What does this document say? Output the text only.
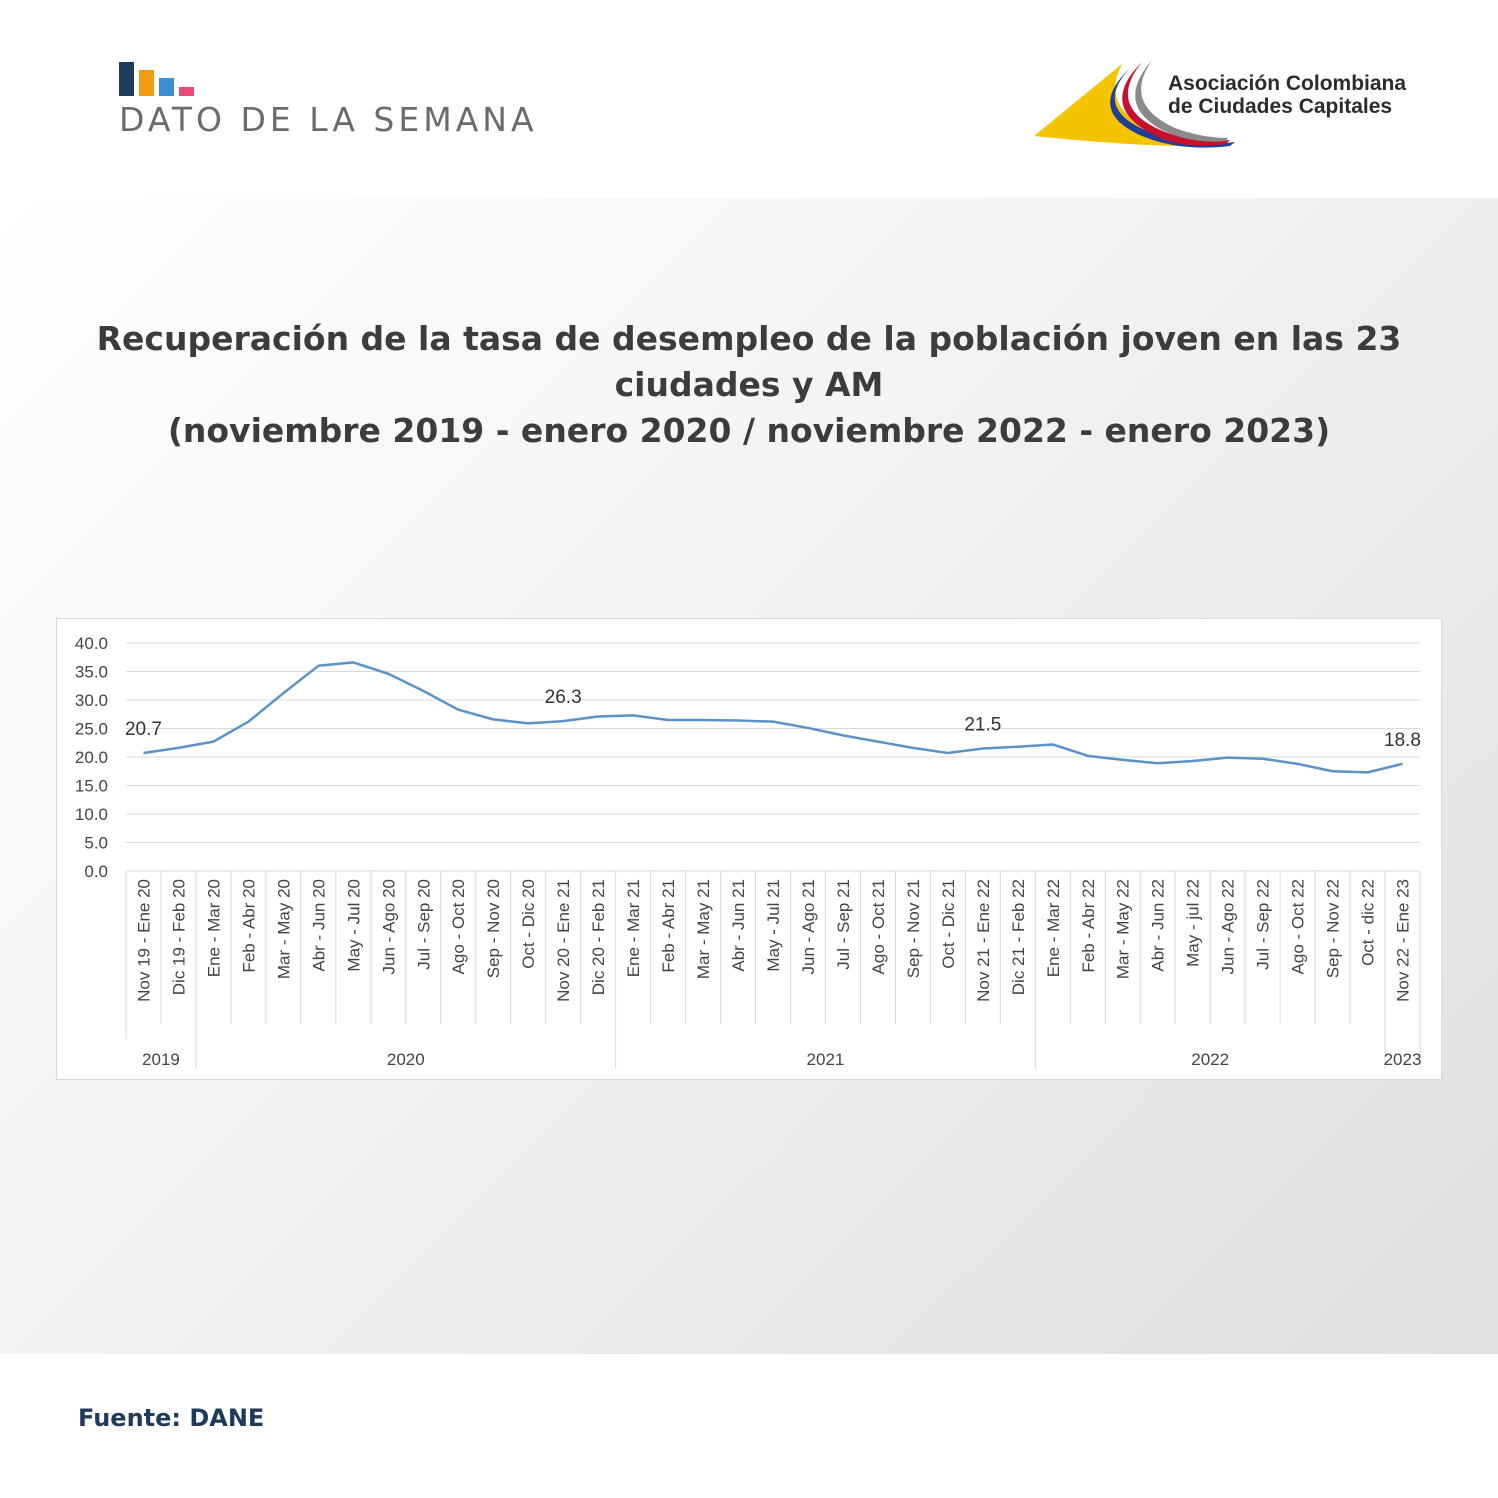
DATO DE LA SEMANA
Asociación Colombiana
de Ciudades Capitales
Recuperación de la tasa de desempleo de la población joven en las 23
ciudades y AM
(noviembre 2019 - enero 2020 / noviembre 2022 - enero 2023)
0.0
5.0
10.0
15.0
20.0
25.0
30.0
35.0
40.0
Nov 19 - Ene 20 Dic 19 - Feb 20 Ene - Mar 20 Feb - Abr 20 Mar - May 20 Abr - Jun 20 May - Jul 20 Jun - Ago 20 Jul - Sep 20 Ago - Oct 20 Sep - Nov 20 Oct - Dic 20 Nov 20 - Ene 21 Dic 20 - Feb 21 Ene - Mar 21 Feb - Abr 21 Mar - May 21 Abr - Jun 21 May - Jul 21 Jun - Ago 21 Jul - Sep 21 Ago - Oct 21 Sep - Nov 21 Oct - Dic 21 Nov 21 - Ene 22 Dic 21 - Feb 22 Ene - Mar 22 Feb - Abr 22 Mar - May 22 Abr - Jun 22 May - jul 22 Jun - Ago 22 Jul - Sep 22 Ago - Oct 22 Sep - Nov 22 Oct - dic 22 Nov 22 - Ene 23
2019	2020	2021	2022	2023
20.7
26.3
21.5
18.8
Fuente: DANE
